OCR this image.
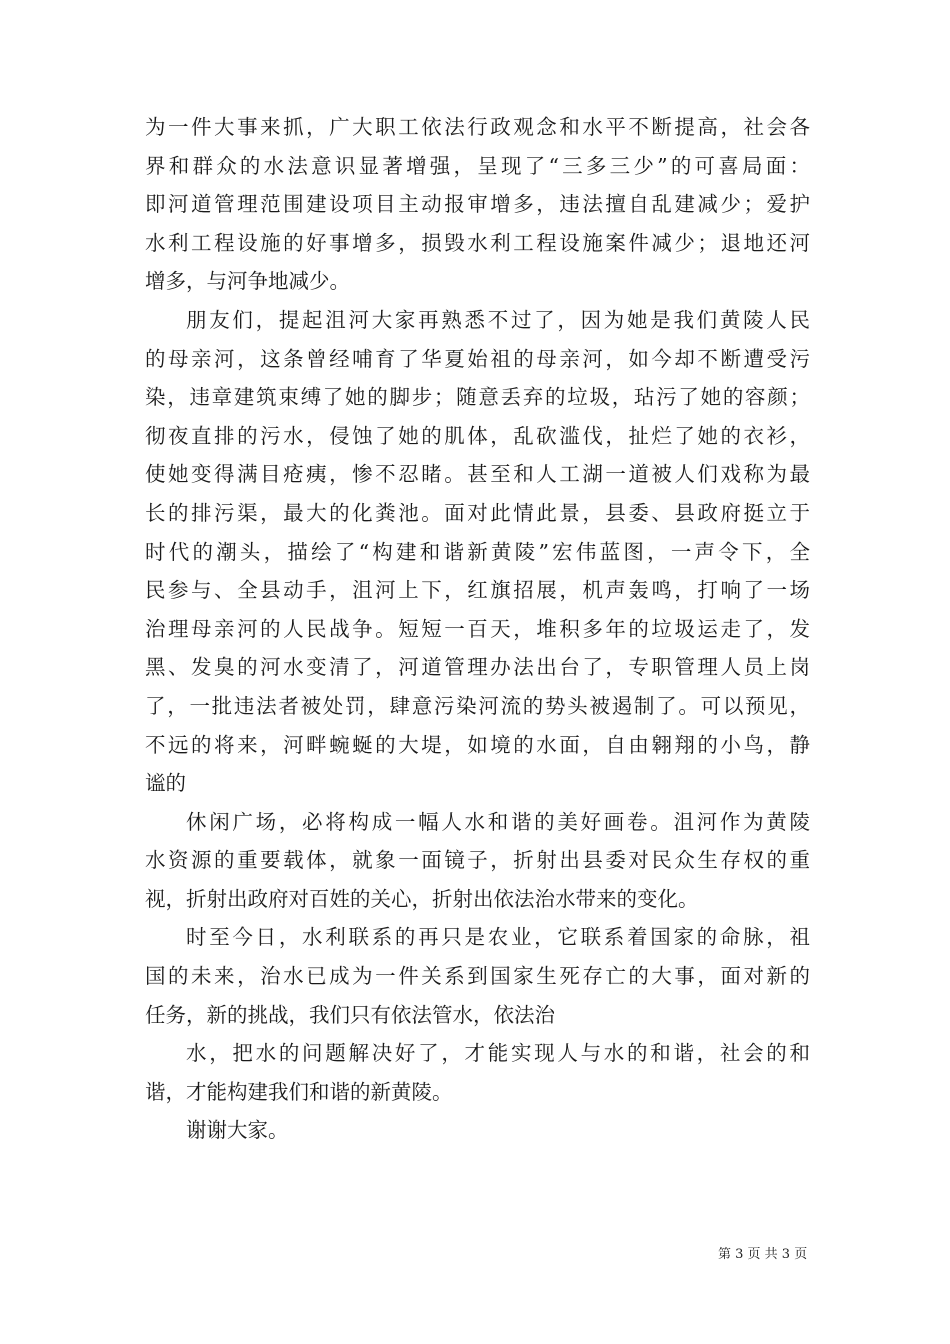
为一件大事来抓，广大职工依法行政观念和水平不断提高，社会各
界和群众的水法意识显著增强，呈现了“三多三少”的可喜局面：
即河道管理范围建设项目主动报审增多，违法擅自乱建减少；爱护
水利工程设施的好事增多，损毁水利工程设施案件减少；退地还河
增多，与河争地减少。
朋友们，提起沮河大家再熟悉不过了，因为她是我们黄陵人民
的母亲河，这条曾经哺育了华夏始祖的母亲河，如今却不断遭受污
染，违章建筑束缚了她的脚步；随意丢弃的垃圾，玷污了她的容颜；
彻夜直排的污水，侵蚀了她的肌体，乱砍滥伐，扯烂了她的衣衫，
使她变得满目疮痍，惨不忍睹。甚至和人工湖一道被人们戏称为最
长的排污渠，最大的化粪池。面对此情此景，县委、县政府挺立于
时代的潮头，描绘了“构建和谐新黄陵”宏伟蓝图，一声令下，全
民参与、全县动手，沮河上下，红旗招展，机声轰鸣，打响了一场
治理母亲河的人民战争。短短一百天，堆积多年的垃圾运走了，发
黑、发臭的河水变清了，河道管理办法出台了，专职管理人员上岗
了，一批违法者被处罚，肆意污染河流的势头被遏制了。可以预见，
不远的将来，河畔蜿蜒的大堤，如境的水面，自由翱翔的小鸟，静
谧的
休闲广场，必将构成一幅人水和谐的美好画卷。沮河作为黄陵
水资源的重要载体，就象一面镜子，折射出县委对民众生存权的重
视，折射出政府对百姓的关心，折射出依法治水带来的变化。
时至今日，水利联系的再只是农业，它联系着国家的命脉，祖
国的未来，治水已成为一件关系到国家生死存亡的大事，面对新的
任务，新的挑战，我们只有依法管水，依法治
水，把水的问题解决好了，才能实现人与水的和谐，社会的和
谐，才能构建我们和谐的新黄陵。
谢谢大家。
第 3 页 共 3 页
